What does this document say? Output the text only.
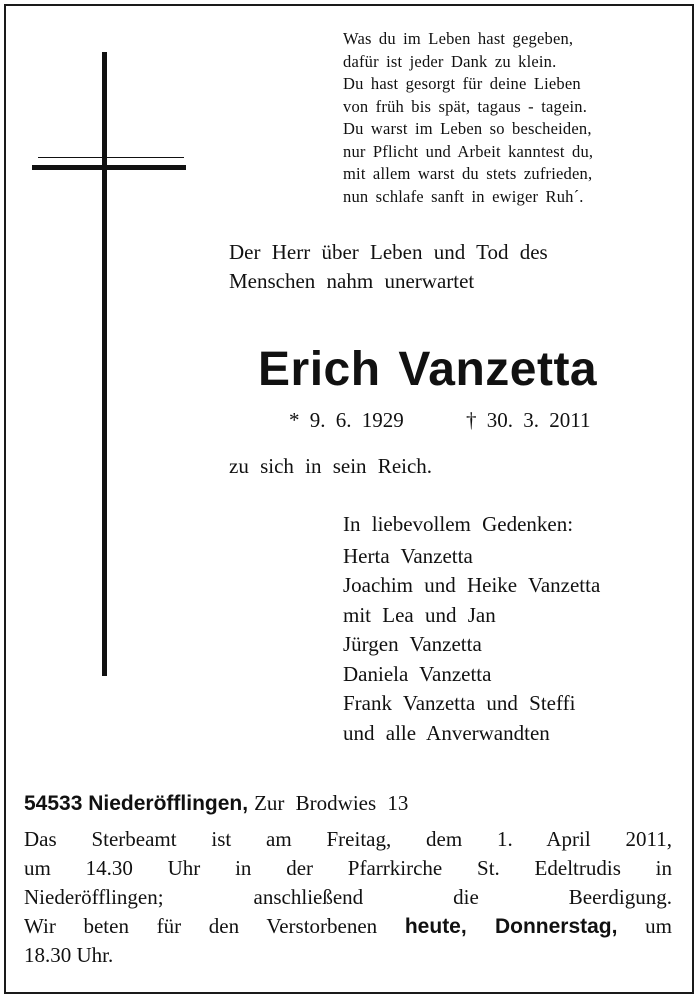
Was du im Leben hast gegeben,
dafür ist jeder Dank zu klein.
Du hast gesorgt für deine Lieben
von früh bis spät, tagaus - tagein.
Du warst im Leben so bescheiden,
nur Pflicht und Arbeit kanntest du,
mit allem warst du stets zufrieden,
nun schlafe sanft in ewiger Ruh´.
Der Herr über Leben und Tod des
Menschen nahm unerwartet
Erich Vanzetta
* 9. 6. 1929	† 30. 3. 2011
zu sich in sein Reich.
In liebevollem Gedenken:
Herta Vanzetta
Joachim und Heike Vanzetta
mit Lea und Jan
Jürgen Vanzetta
Daniela Vanzetta
Frank Vanzetta und Steffi
und alle Anverwandten
54533 Niederöfflingen, Zur Brodwies 13
Das Sterbeamt ist am Freitag, dem 1. April 2011,
um 14.30 Uhr in der Pfarrkirche St. Edeltrudis in
Niederöfflingen; anschließend die Beerdigung.
Wir beten für den Verstorbenen heute, Donnerstag, um
18.30 Uhr.
